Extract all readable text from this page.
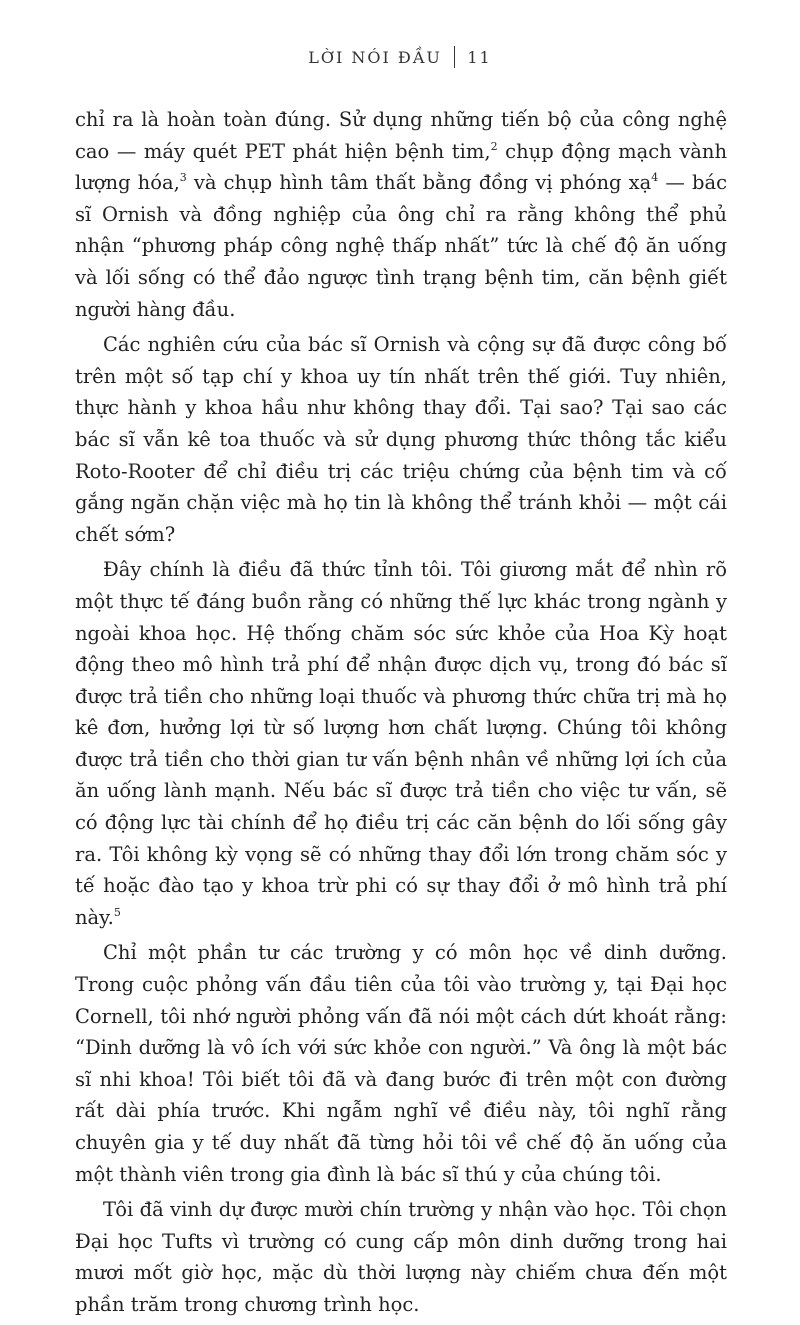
LỜI NÓI ĐẦU 11

chỉ ra là hoàn toàn đúng. Sử dụng những tiến bộ của công nghệ cao — máy quét PET phát hiện bệnh tim,$^2$ chụp động mạch vành lượng hóa,$^3$ và chụp hình tâm thất bằng đồng vị phóng xạ$^4$ — bác sĩ Ornish và đồng nghiệp của ông chỉ ra rằng không thể phủ nhận “phương pháp công nghệ thấp nhất” tức là chế độ ăn uống và lối sống có thể đảo ngược tình trạng bệnh tim, căn bệnh giết người hàng đầu.

Các nghiên cứu của bác sĩ Ornish và cộng sự đã được công bố trên một số tạp chí y khoa uy tín nhất trên thế giới. Tuy nhiên, thực hành y khoa hầu như không thay đổi. Tại sao? Tại sao các bác sĩ vẫn kê toa thuốc và sử dụng phương thức thông tắc kiểu Roto-Rooter để chỉ điều trị các triệu chứng của bệnh tim và cố gắng ngăn chặn việc mà họ tin là không thể tránh khỏi — một cái chết sớm?

Đây chính là điều đã thức tỉnh tôi. Tôi giương mắt để nhìn rõ một thực tế đáng buồn rằng có những thế lực khác trong ngành y ngoài khoa học. Hệ thống chăm sóc sức khỏe của Hoa Kỳ hoạt động theo mô hình trả phí để nhận được dịch vụ, trong đó bác sĩ được trả tiền cho những loại thuốc và phương thức chữa trị mà họ kê đơn, hưởng lợi từ số lượng hơn chất lượng. Chúng tôi không được trả tiền cho thời gian tư vấn bệnh nhân về những lợi ích của ăn uống lành mạnh. Nếu bác sĩ được trả tiền cho việc tư vấn, sẽ có động lực tài chính để họ điều trị các căn bệnh do lối sống gây ra. Tôi không kỳ vọng sẽ có những thay đổi lớn trong chăm sóc y tế hoặc đào tạo y khoa trừ phi có sự thay đổi ở mô hình trả phí này.$^5$

Chỉ một phần tư các trường y có môn học về dinh dưỡng. Trong cuộc phỏng vấn đầu tiên của tôi vào trường y, tại Đại học Cornell, tôi nhớ người phỏng vấn đã nói một cách dứt khoát rằng: “Dinh dưỡng là vô ích với sức khỏe con người.” Và ông là một bác sĩ nhi khoa! Tôi biết tôi đã và đang bước đi trên một con đường rất dài phía trước. Khi ngẫm nghĩ về điều này, tôi nghĩ rằng chuyên gia y tế duy nhất đã từng hỏi tôi về chế độ ăn uống của một thành viên trong gia đình là bác sĩ thú y của chúng tôi.

Tôi đã vinh dự được mười chín trường y nhận vào học. Tôi chọn Đại học Tufts vì trường có cung cấp môn dinh dưỡng trong hai mươi mốt giờ học, mặc dù thời lượng này chiếm chưa đến một phần trăm trong chương trình học.
